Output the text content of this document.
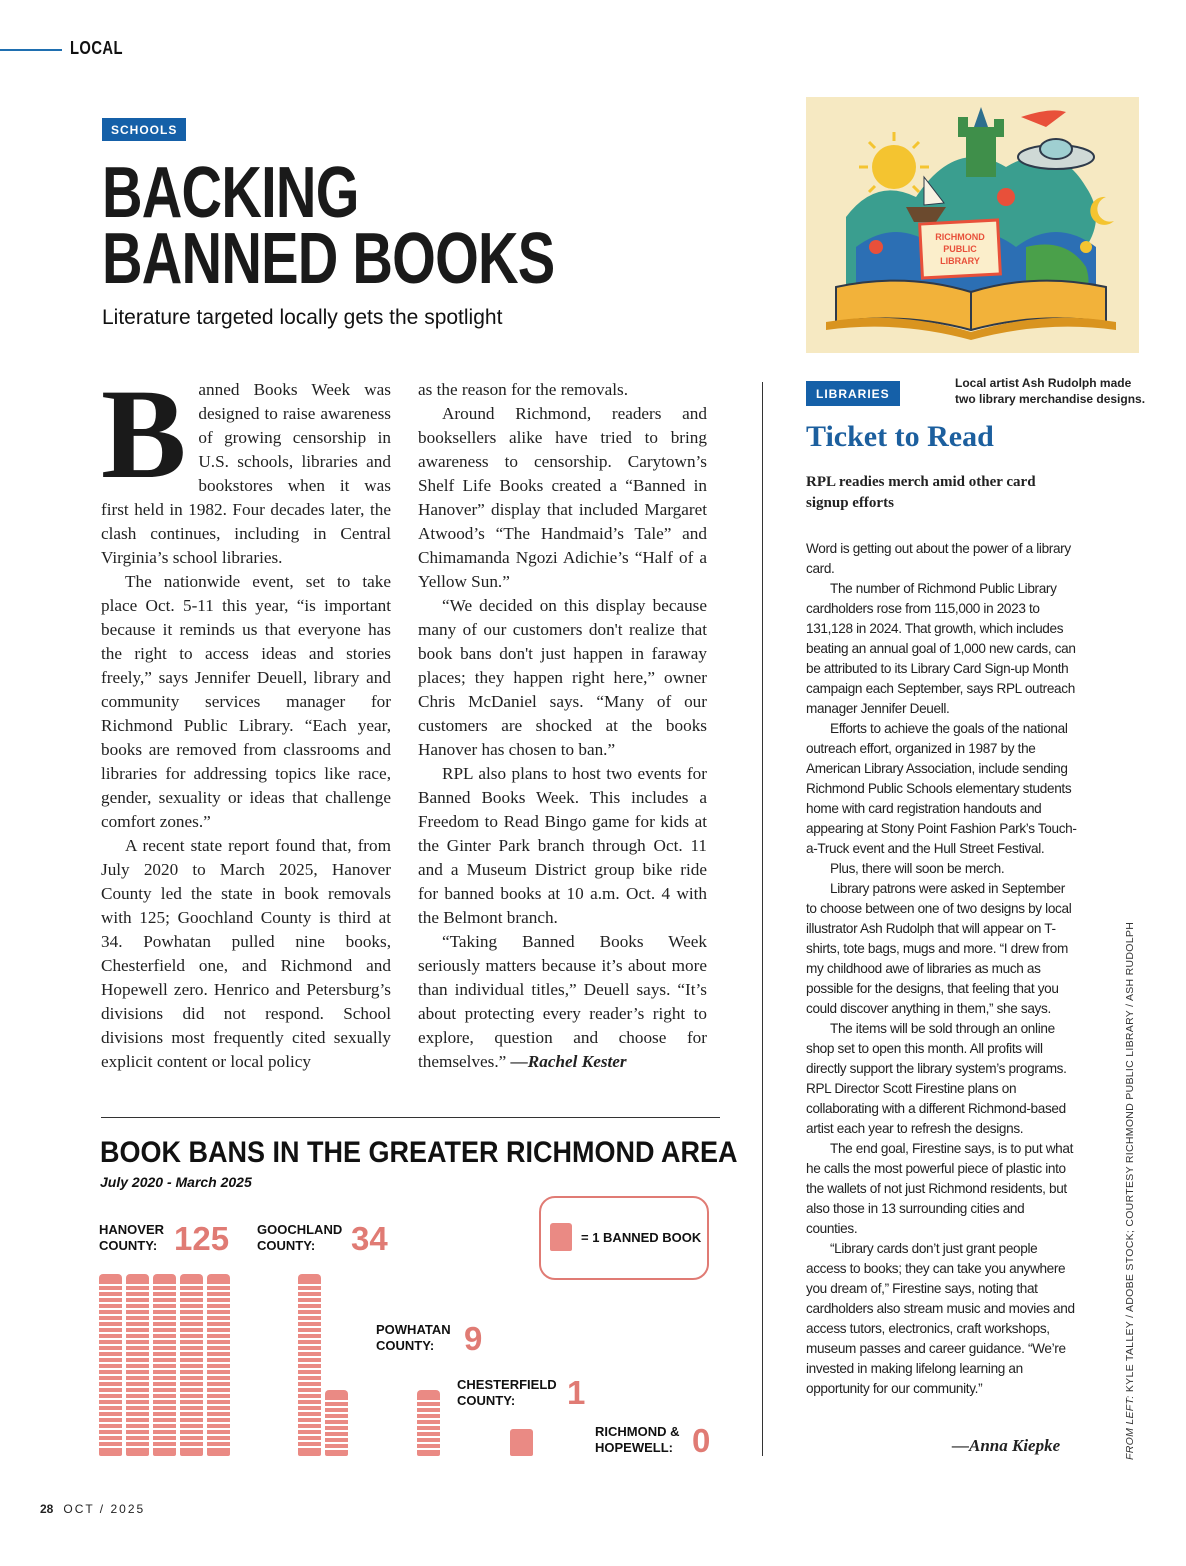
LOCAL
SCHOOLS
BACKING
BANNED BOOKS
Literature targeted locally gets the spotlight
B anned Books Week was designed to raise awareness of growing censorship in U.S. schools, libraries and bookstores when it was first held in 1982. Four decades later, the clash continues, including in Central Virginia’s school libraries.

The nationwide event, set to take place Oct. 5-11 this year, “is important because it reminds us that everyone has the right to access ideas and stories freely,” says Jennifer Deuell, library and community services manager for Richmond Public Library. “Each year, books are removed from classrooms and libraries for addressing topics like race, gender, sexuality or ideas that challenge comfort zones.”

A recent state report found that, from July 2020 to March 2025, Hanover County led the state in book removals with 125; Goochland County is third at 34. Powhatan pulled nine books, Chesterfield one, and Richmond and Hopewell zero. Henrico and Petersburg’s divisions did not respond. School divisions most frequently cited sexually explicit content or local policy

as the reason for the removals.

Around Richmond, readers and booksellers alike have tried to bring awareness to censorship. Carytown’s Shelf Life Books created a “Banned in Hanover” display that included Margaret Atwood’s “The Handmaid’s Tale” and Chimamanda Ngozi Adichie’s “Half of a Yellow Sun.”

“We decided on this display because many of our customers don't realize that book bans don't just happen in faraway places; they happen right here,” owner Chris McDaniel says. “Many of our customers are shocked at the books Hanover has chosen to ban.”

RPL also plans to host two events for Banned Books Week. This includes a Freedom to Read Bingo game for kids at the Ginter Park branch through Oct. 11 and a Museum District group bike ride for banned books at 10 a.m. Oct. 4 with the Belmont branch.

“Taking Banned Books Week seriously matters because it’s about more than individual titles,” Deuell says. “It’s about protecting every reader’s right to explore, question and choose for themselves.” —Rachel Kester

RICHMOND
PUBLIC
LIBRARY
LIBRARIES
Local artist Ash Rudolph made two library merchandise designs.
Ticket to Read
RPL readies merch amid other card signup efforts

Word is getting out about the power of a library card.

The number of Richmond Public Library cardholders rose from 115,000 in 2023 to 131,128 in 2024. That growth, which includes beating an annual goal of 1,000 new cards, can be attributed to its Library Card Sign-up Month campaign each September, says RPL outreach manager Jennifer Deuell.

Efforts to achieve the goals of the national outreach effort, organized in 1987 by the American Library Association, include sending Richmond Public Schools elementary students home with card registration handouts and appearing at Stony Point Fashion Park’s Touch-a-Truck event and the Hull Street Festival.

Plus, there will soon be merch.

Library patrons were asked in September to choose between one of two designs by local illustrator Ash Rudolph that will appear on T-shirts, tote bags, mugs and more. “I drew from my childhood awe of libraries as much as possible for the designs, that feeling that you could discover anything in them,” she says.

The items will be sold through an online shop set to open this month. All profits will directly support the library system’s programs. RPL Director Scott Firestine plans on collaborating with a different Richmond-based artist each year to refresh the designs.

The end goal, Firestine says, is to put what he calls the most powerful piece of plastic into the wallets of not just Richmond residents, but also those in 13 surrounding cities and counties.

“Library cards don’t just grant people access to books; they can take you anywhere you dream of,” Firestine says, noting that cardholders also stream music and movies and access tutors, electronics, craft workshops, museum passes and career guidance. “We’re invested in making lifelong learning an opportunity for our community.”

—Anna Kiepke	FROM LEFT: KYLE TALLEY / ADOBE STOCK; COURTESY RICHMOND PUBLIC LIBRARY / ASH RUDOLPH
BOOK BANS IN THE GREATER RICHMOND AREA
July 2020 - March 2025
HANOVER
COUNTY: 125 GOOCHLAND
COUNTY:	34
POWHATAN
COUNTY: 9
CHESTERFIELD
COUNTY:	1
RICHMOND &
HOPEWELL: 0
= 1 BANNED BOOK
28 OCT / 2025
